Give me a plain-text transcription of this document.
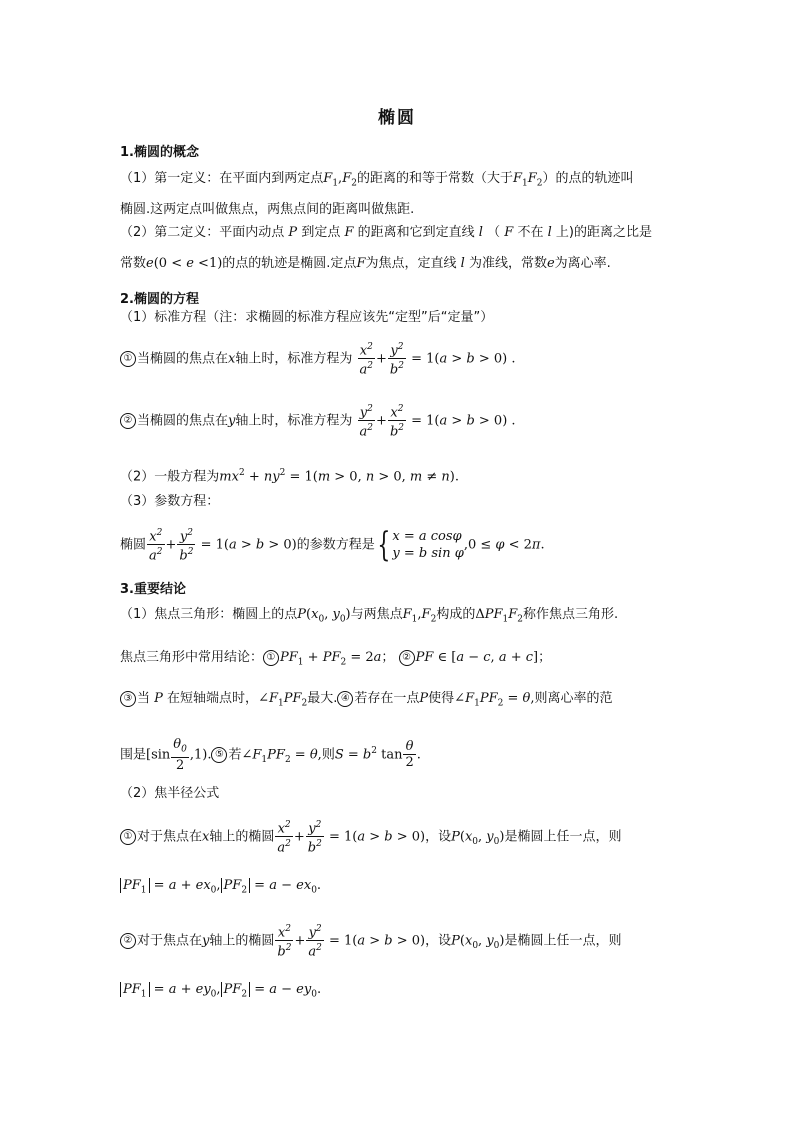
椭圆
1.椭圆的概念
（1）第一定义：在平面内到两定点$F_1,F_2$的距离的和等于常数（大于$F_1F_2$）的点的轨迹叫
椭圆.这两定点叫做焦点，两焦点间的距离叫做焦距.
（2）第二定义：平面内动点 P 到定点 F 的距离和它到定直线 l （ F 不在 l 上)的距离之比是
常数e(0 < e <1)的点的轨迹是椭圆.定点F为焦点，定直线 l 为准线，常数e为离心率.
2.椭圆的方程
（1）标准方程（注：求椭圆的标准方程应该先“定型”后“定量”）
① 当椭圆的焦点在x轴上时，标准方程为 $\frac{x^2}{a^2} + \frac{y^2}{b^2} = 1(a > b > 0)$ .
② 当椭圆的焦点在y轴上时，标准方程为 $\frac{y^2}{a^2} + \frac{x^2}{b^2} = 1(a > b > 0)$ .
（2）一般方程为$mx^2 + ny^2 = 1(m > 0$, n > 0, m ≠ n).
（3）参数方程：
椭圆 $\frac{x^2}{a^2} + \frac{y^2}{b^2} = 1(a > b > 0)$的参数方程是{ x = a cosφ
y = b sin φ
,0 ≤ φ < 2π.
3.重要结论
（1）焦点三角形：椭圆上的点$P(x_0$, $y_0$)与两焦点$F_1,F_2$构成的$\Delta PF_1F_2$称作焦点三角形.
焦点三角形中常用结论： ① $PF_1 + PF_2 = 2a$； ② PF ∈ [a − c, a + c]；
③ 当 P 在短轴端点时，$\angle F_1PF_2$最大. ④ 若存在一点P使得$\angle F_1PF_2 = \theta$,则离心率的范
围是$[\sin \frac{\theta_0}{2} ,1)$. ⑤ 若$\angle F_1PF_2 = \theta$,则$S = b^2$ $\tan \frac{\theta}{2}$ .
（2）焦半径公式
① 对于焦点在x轴上的椭圆 $\frac{x^2}{a^2} + \frac{y^2}{b^2} = 1(a > b > 0)$，设$P(x_0$, $y_0$)是椭圆上任一点，则
$PF_1 = a + ex_0$, $PF_2 = a - ex_0$.
② 对于焦点在y轴上的椭圆 $\frac{x^2}{b^2} + \frac{y^2}{a^2} = 1(a > b > 0)$，设$P(x_0$, $y_0$)是椭圆上任一点，则
$PF_1 = a + ey_0$, $PF_2 = a - ey_0$.
